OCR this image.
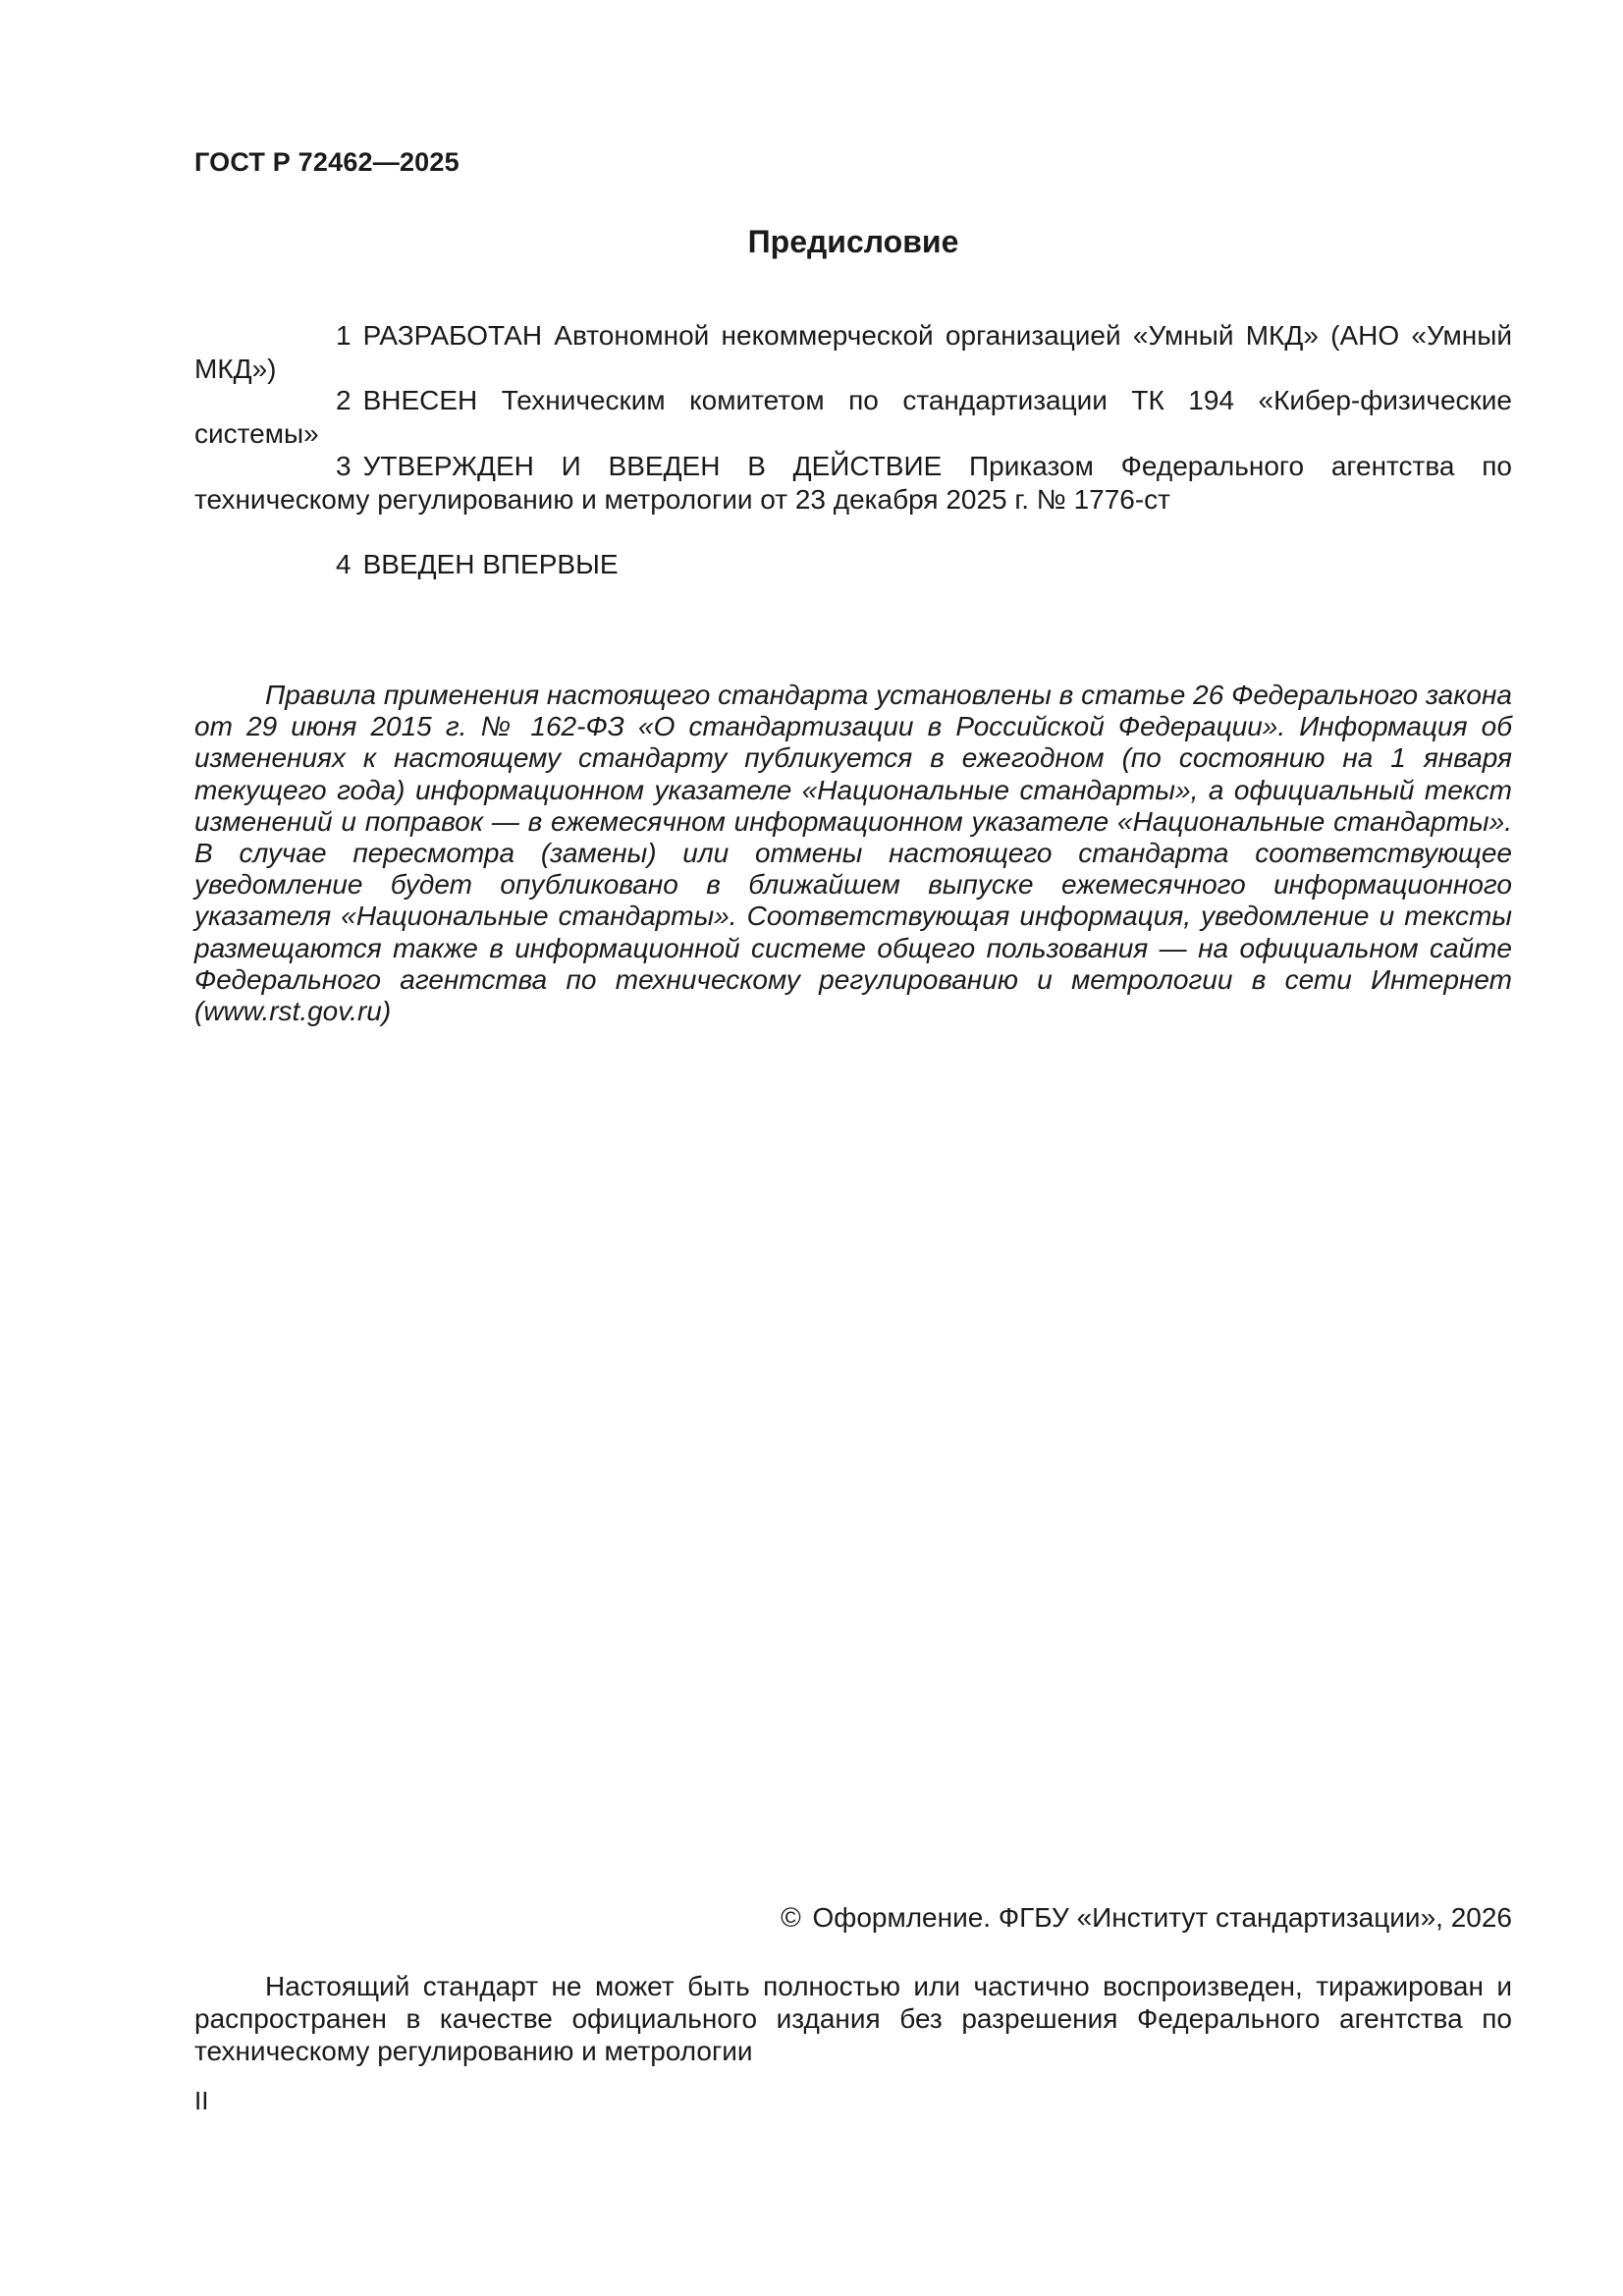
ГОСТ Р 72462—2025
Предисловие

1 РАЗРАБОТАН Автономной некоммерческой организацией «Умный МКД» (АНО «Умный МКД»)

2 ВНЕСЕН Техническим комитетом по стандартизации ТК 194 «Кибер-физические системы»

3 УТВЕРЖДЕН И ВВЕДЕН В ДЕЙСТВИЕ Приказом Федерального агентства по техническому регулированию и метрологии от 23 декабря 2025 г. № 1776-ст

4 ВВЕДЕН ВПЕРВЫЕ

Правила применения настоящего стандарта установлены в статье 26 Федерального закона от 29 июня 2015 г. № 162-ФЗ «О стандартизации в Российской Федерации». Информация об изменениях к настоящему стандарту публикуется в ежегодном (по состоянию на 1 января текущего года) информационном указателе «Национальные стандарты», а официальный текст изменений и поправок — в ежемесячном информационном указателе «Национальные стандарты». В случае пересмотра (замены) или отмены настоящего стандарта соответствующее уведомление будет опубликовано в ближайшем выпуске ежемесячного информационного указателя «Национальные стандарты». Соответствующая информация, уведомление и тексты размещаются также в информационной системе общего пользования — на официальном сайте Федерального агентства по техническому регулированию и метрологии в сети Интернет (www.rst.gov.ru)

© Оформление. ФГБУ «Институт стандартизации», 2026

Настоящий стандарт не может быть полностью или частично воспроизведен, тиражирован и распространен в качестве официального издания без разрешения Федерального агентства по техническому регулированию и метрологии

II
